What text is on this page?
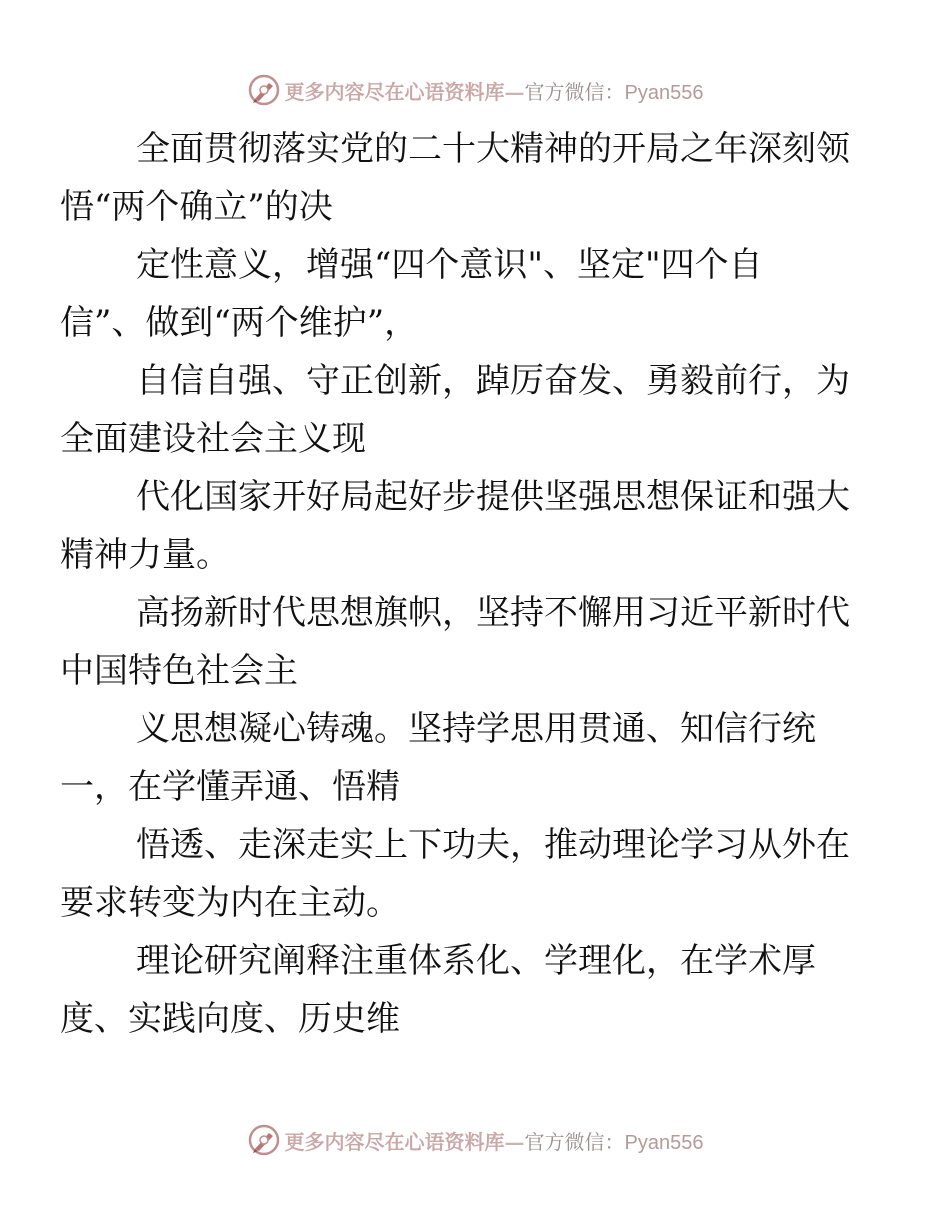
更多内容尽在心语资料库—官方微信：Pyan556

全面贯彻落实党的二十大精神的开局之年深刻领
悟“两个确立”的决

定性意义，增强“四个意识"、坚定"四个自
信”、做到“两个维护”，

自信自强、守正创新，踔厉奋发、勇毅前行，为
全面建设社会主义现

代化国家开好局起好步提供坚强思想保证和强大
精神力量。

高扬新时代思想旗帜，坚持不懈用习近平新时代
中国特色社会主

义思想凝心铸魂。坚持学思用贯通、知信行统
一，在学懂弄通、悟精

悟透、走深走实上下功夫，推动理论学习从外在
要求转变为内在主动。

理论研究阐释注重体系化、学理化，在学术厚
度、实践向度、历史维

更多内容尽在心语资料库—官方微信：Pyan556
